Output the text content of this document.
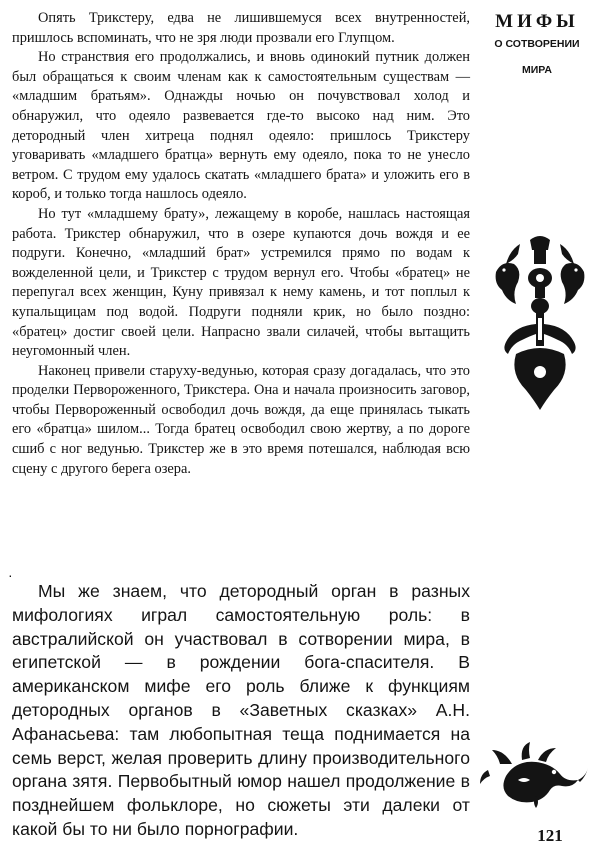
Опять Трикстеру, едва не лишившемуся всех внутренностей, пришлось вспоминать, что не зря люди прозвали его Глупцом.

Но странствия его продолжались, и вновь одинокий путник должен был обращаться к своим членам как к самостоятельным существам — «младшим братьям». Однажды ночью он почувствовал холод и обнаружил, что одеяло развевается где-то высоко над ним. Это детородный член хитреца поднял одеяло: пришлось Трикстеру уговаривать «младшего братца» вернуть ему одеяло, пока то не унесло ветром. С трудом ему удалось скатать «младшего брата» и уложить его в короб, и только тогда нашлось одеяло.

Но тут «младшему брату», лежащему в коробе, нашлась настоящая работа. Трикстер обнаружил, что в озере купаются дочь вождя и ее подруги. Конечно, «младший брат» устремился прямо по водам к вожделенной цели, и Трикстер с трудом вернул его. Чтобы «братец» не перепугал всех женщин, Куну привязал к нему камень, и тот поплыл к купальщицам под водой. Подруги подняли крик, но было поздно: «братец» достиг своей цели. Напрасно звали силачей, чтобы вытащить неугомонный член.

Наконец привели старуху-ведунью, которая сразу догадалась, что это проделки Первороженного, Трикстера. Она и начала произносить заговор, чтобы Первороженный освободил дочь вождя, да еще принялась тыкать его «братца» шилом... Тогда братец освободил свою жертву, а по дороге сшиб с ног ведунью. Трикстер же в это время потешался, наблюдая всю сцену с другого берега озера.

·

Мы же знаем, что детородный орган в разных мифологиях играл самостоятельную роль: в австралийской он участвовал в сотворении мира, в египетской — в рождении бога-спасителя. В американском мифе его роль ближе к функциям детородных органов в «Заветных сказках» А.Н. Афанасьева: там любопытная теща поднимается на семь верст, желая проверить длину производительного органа зятя. Первобытный юмор нашел продолжение в позднейшем фольклоре, но сюжеты эти далеки от какой бы то ни было порнографии.

МИФЫ
О СОТВОРЕНИИ
МИРА
121
